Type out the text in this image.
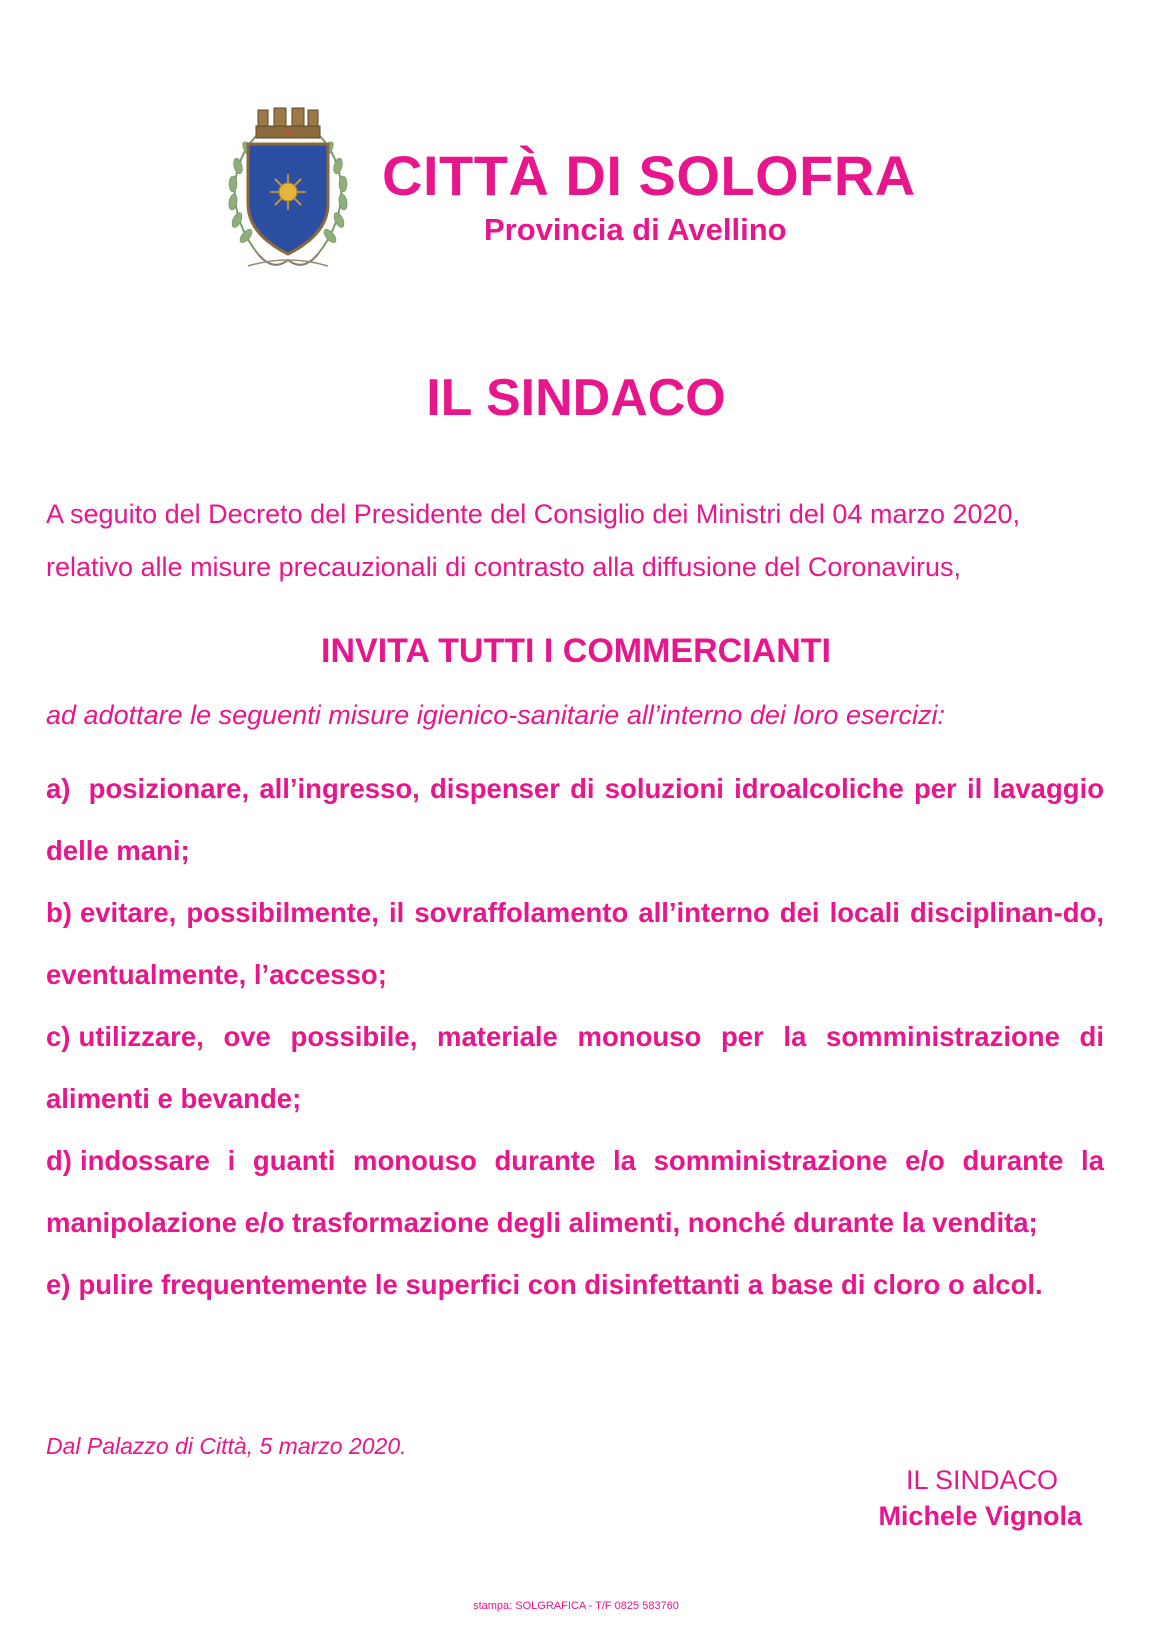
CITTÀ DI SOLOFRA
Provincia di Avellino
IL SINDACO

A seguito del Decreto del Presidente del Consiglio dei Ministri del 04 marzo 2020,

relativo alle misure precauzionali di contrasto alla diffusione del Coronavirus,

INVITA TUTTI I COMMERCIANTI
ad adottare le seguenti misure igienico-sanitarie all’interno dei loro esercizi:
a) posizionare, all’ingresso, dispenser di soluzioni idroalcoliche per il lavaggio delle mani;
b) evitare, possibilmente, il sovraffolamento all’interno dei locali disciplinan-do, eventualmente, l’accesso;
c) utilizzare, ove possibile, materiale monouso per la somministrazione di alimenti e bevande;
d) indossare i guanti monouso durante la somministrazione e/o durante la manipolazione e/o trasformazione degli alimenti, nonché durante la vendita;
e) pulire frequentemente le superfici con disinfettanti a base di cloro o alcol.
Dal Palazzo di Città, 5 marzo 2020.
IL SINDACO
Michele Vignola
stampa: SOLGRAFICA - T/F 0825 583760
